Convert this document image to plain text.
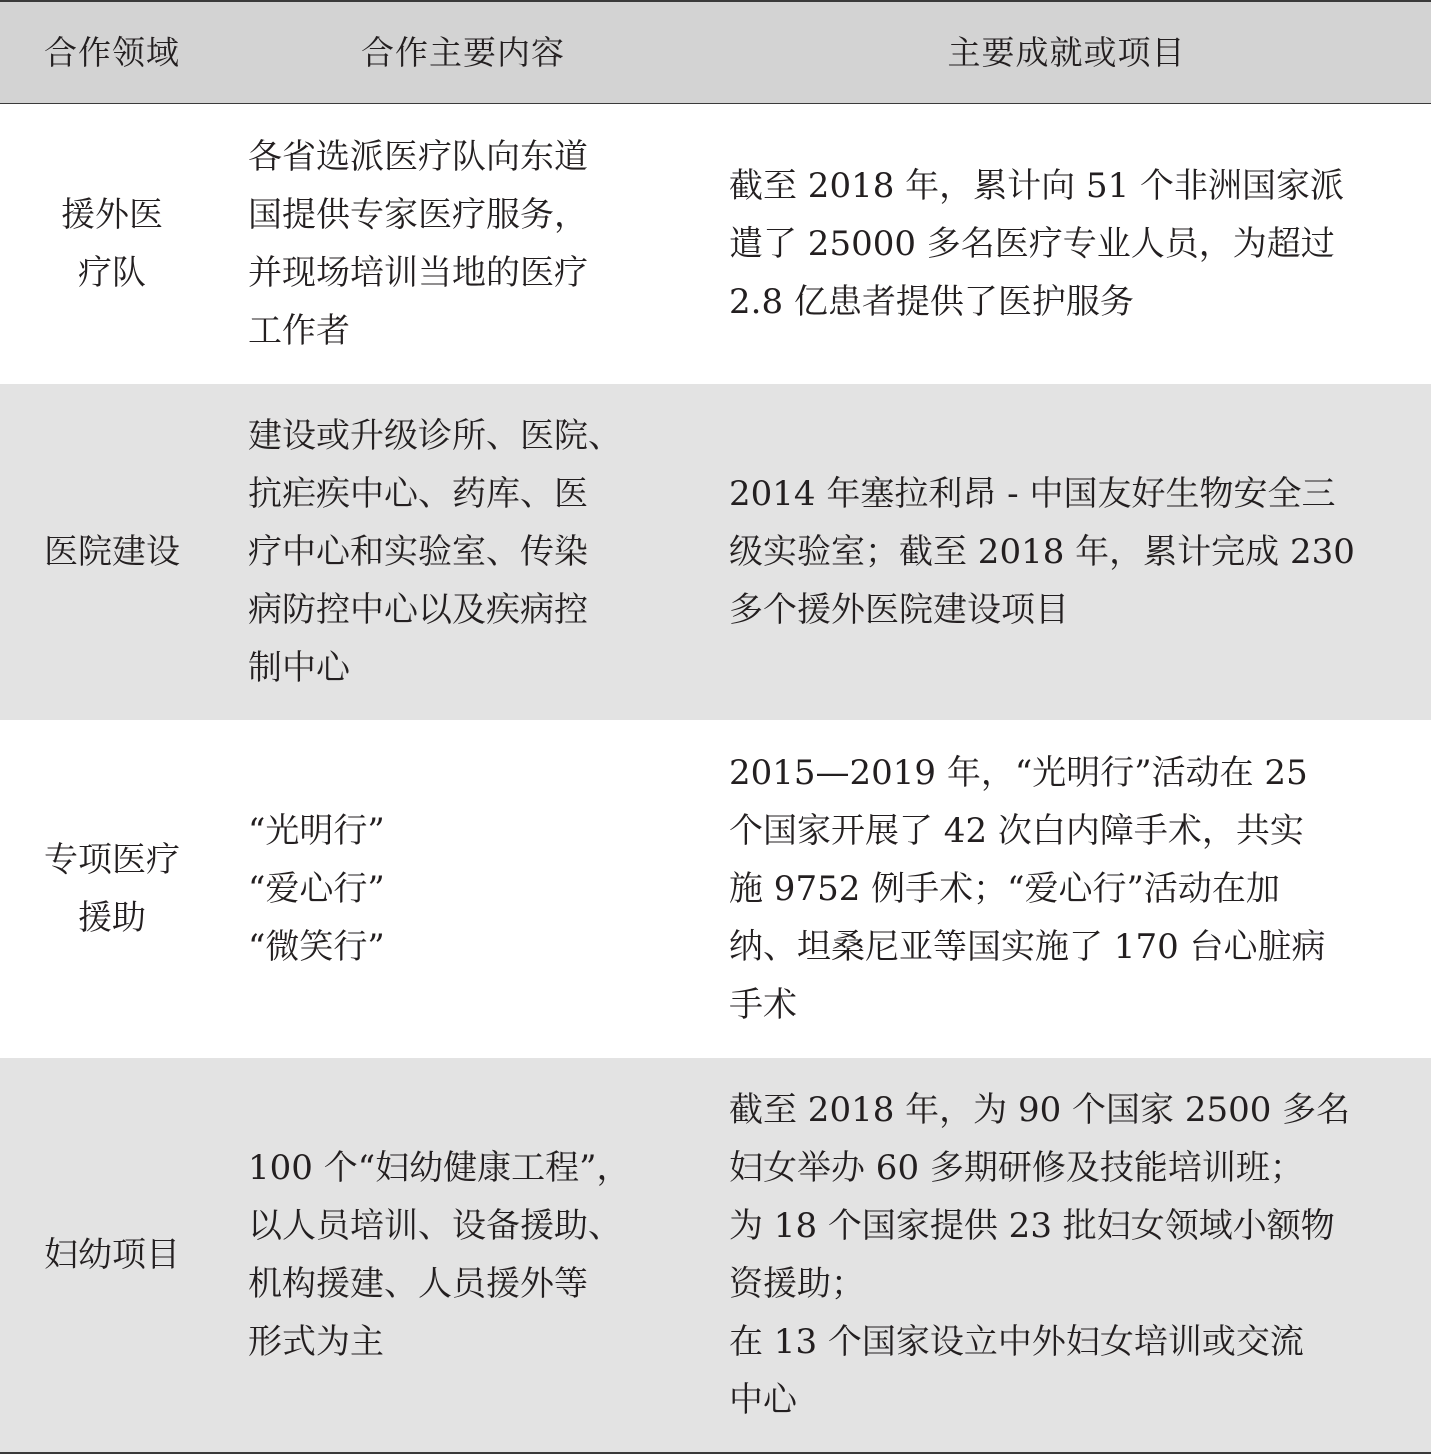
合作领域	合作主要内容	主要成就或项目
援外医
疗队
各省选派医疗队向东道
国提供专家医疗服务，
并现场培训当地的医疗
工作者
截至 2018 年，累计向 51 个非洲国家派
遣了 25000 多名医疗专业人员，为超过
2.8 亿患者提供了医护服务
医院建设
建设或升级诊所、医院、
抗疟疾中心、药库、医
疗中心和实验室、传染
病防控中心以及疾病控
制中心
2014 年塞拉利昂 - 中国友好生物安全三
级实验室；截至 2018 年，累计完成 230
多个援外医院建设项目
专项医疗
援助
“光明行”
“爱心行”
“微笑行”
2015—2019 年，“光明行”活动在 25
个国家开展了 42 次白内障手术，共实
施 9752 例手术；“爱心行”活动在加
纳、坦桑尼亚等国实施了 170 台心脏病
手术
妇幼项目
100 个“妇幼健康工程”，
以人员培训、设备援助、
机构援建、人员援外等
形式为主
截至 2018 年，为 90 个国家 2500 多名
妇女举办 60 多期研修及技能培训班；
为 18 个国家提供 23 批妇女领域小额物
资援助；
在 13 个国家设立中外妇女培训或交流
中心
